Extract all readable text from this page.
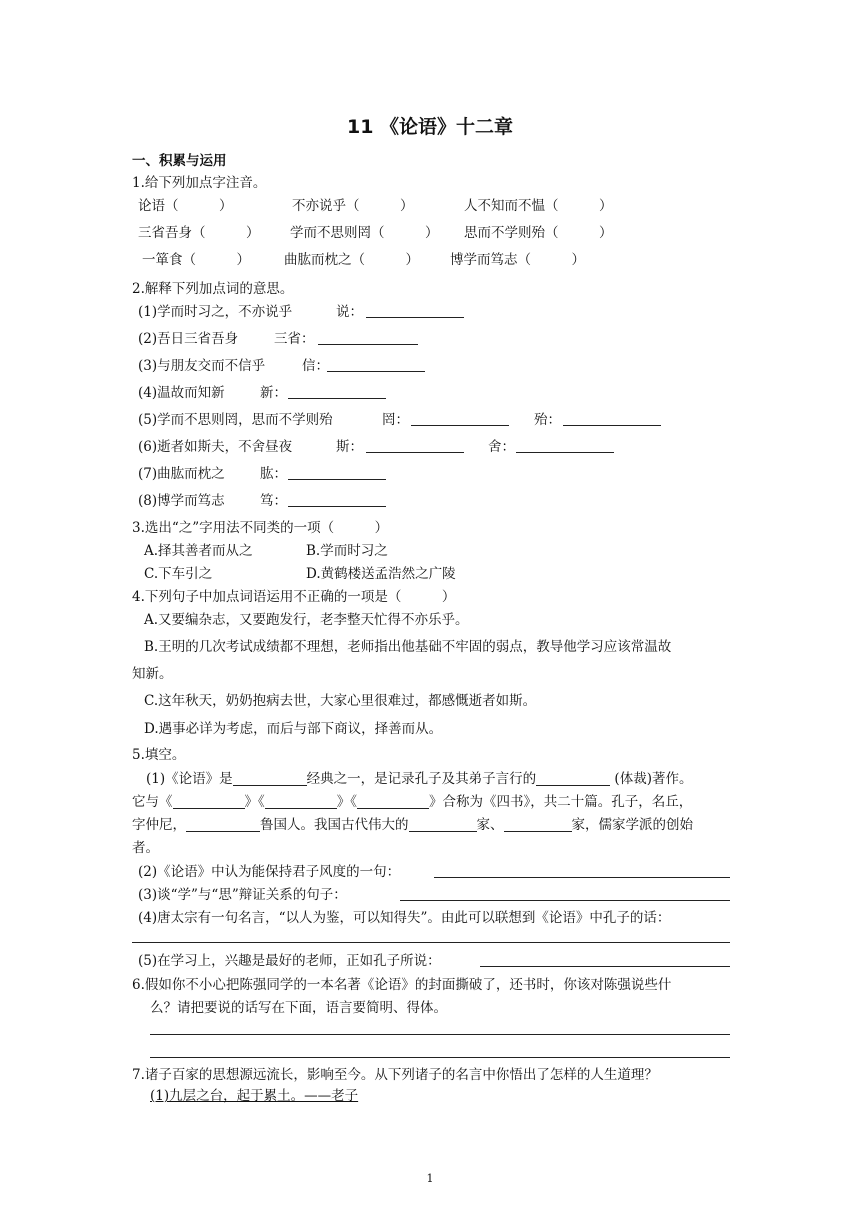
11 《论语》十二章
一、积累与运用
1.给下列加点字注音。
论语（　　　）	不亦说乎（　　　）	人不知而不愠（　　　）
三省吾身（　　　） 学而不思则罔（　　　） 思而不学则殆（　　　）
一箪食（　　　）	曲肱而枕之（　　　） 博学而笃志（　　　）
2.解释下列加点词的意思。
(1)学而时习之，不亦说乎	说：
(2)吾日三省吾身	三省：
(3)与朋友交而不信乎	信：
(4)温故而知新	新：
(5)学而不思则罔，思而不学则殆	罔：	殆：
(6)逝者如斯夫，不舍昼夜	斯：	舍：
(7)曲肱而枕之	肱：
(8)博学而笃志	笃：
3.选出“之”字用法不同类的一项（　　　）
A.择其善者而从之	B.学而时习之
C.下车引之	D.黄鹤楼送孟浩然之广陵
4.下列句子中加点词语运用不正确的一项是（　　　）
A.又要编杂志，又要跑发行，老李整天忙得不亦乐乎。
B.王明的几次考试成绩都不理想，老师指出他基础不牢固的弱点，教导他学习应该常温故
知新。
C.这年秋天，奶奶抱病去世，大家心里很难过，都感慨逝者如斯。
D.遇事必详为考虑，而后与部下商议，择善而从。
5.填空。
(1)《论语》是	经典之一，是记录孔子及其弟子言行的	(体裁)著作。
它与《	》《	》《	》合称为《四书》，共二十篇。孔子，名丘，
字仲尼，	鲁国人。我国古代伟大的	家、	家，儒家学派的创始
者。
(2)《论语》中认为能保持君子风度的一句：
(3)谈“学”与“思”辩证关系的句子：
(4)唐太宗有一句名言，“以人为鉴，可以知得失”。由此可以联想到《论语》中孔子的话：
(5)在学习上，兴趣是最好的老师，正如孔子所说：
6.假如你不小心把陈强同学的一本名著《论语》的封面撕破了，还书时，你该对陈强说些什
么？请把要说的话写在下面，语言要简明、得体。
7.诸子百家的思想源远流长，影响至今。从下列诸子的名言中你悟出了怎样的人生道理？
(1)九层之台，起于累土。——老子
1
